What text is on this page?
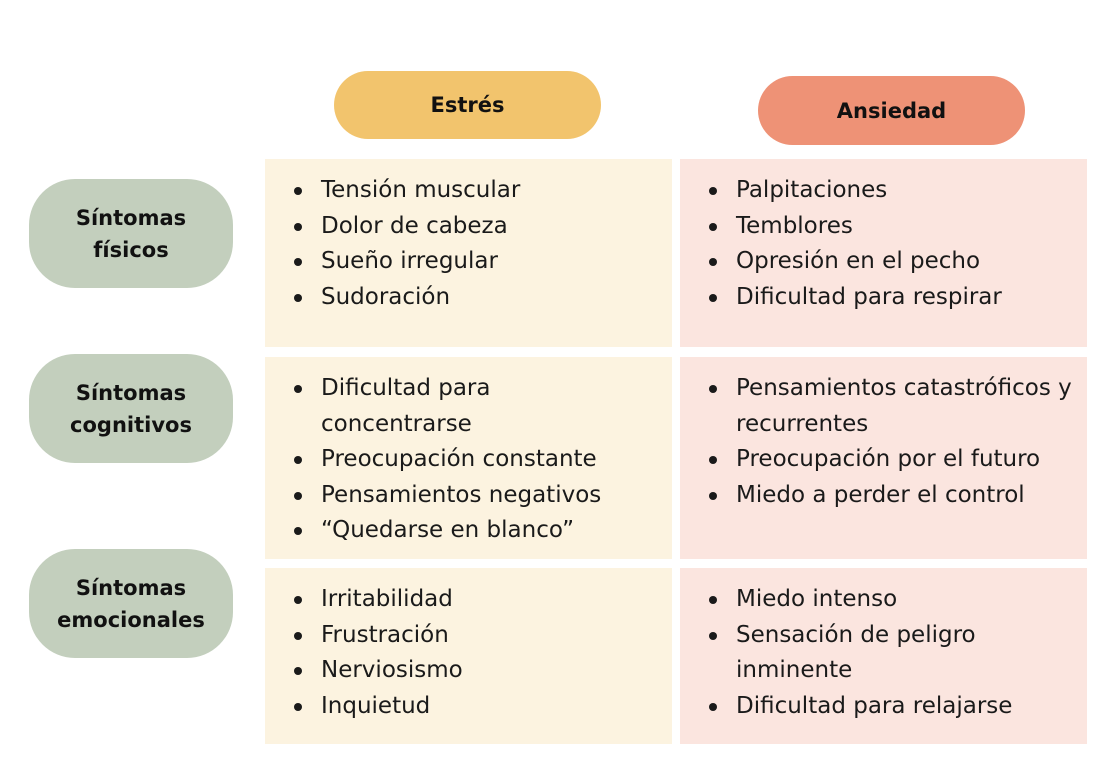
Estrés	Ansiedad
Síntomas
físicos
Síntomas
cognitivos
Síntomas
emocionales
Tensión muscular
Dolor de cabeza
Sueño irregular
Sudoración
Palpitaciones
Temblores
Opresión en el pecho
Dificultad para respirar
Dificultad para concentrarse
Preocupación constante
Pensamientos negativos
“Quedarse en blanco”
Pensamientos catastróficos y recurrentes
Preocupación por el futuro
Miedo a perder el control
Irritabilidad
Frustración
Nerviosismo
Inquietud
Miedo intenso
Sensación de peligro inminente
Dificultad para relajarse
